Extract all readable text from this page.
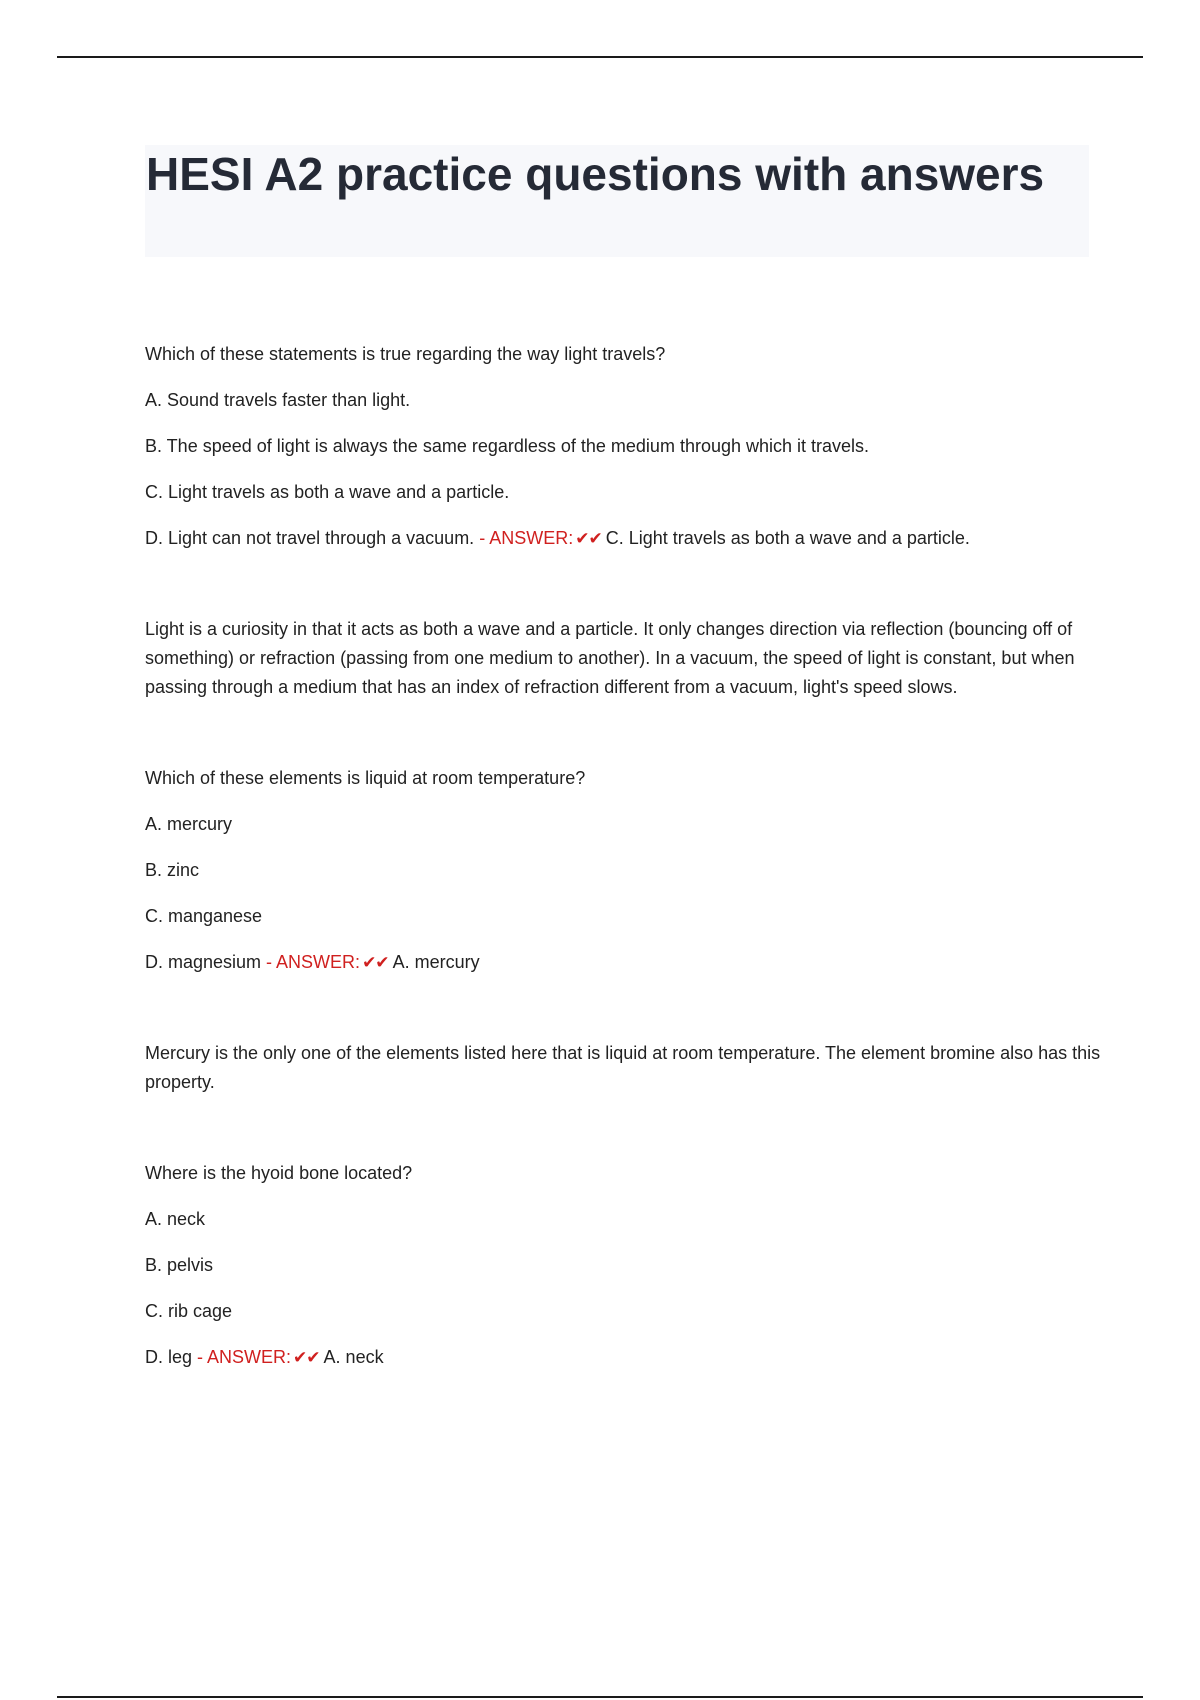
HESI A2 practice questions with answers

Which of these statements is true regarding the way light travels?

A. Sound travels faster than light.

B. The speed of light is always the same regardless of the medium through which it travels.

C. Light travels as both a wave and a particle.

D. Light can not travel through a vacuum. - ANSWER: ✔✔ C. Light travels as both a wave and a particle.

Light is a curiosity in that it acts as both a wave and a particle. It only changes direction via reflection (bouncing off of something) or refraction (passing from one medium to another). In a vacuum, the speed of light is constant, but when passing through a medium that has an index of refraction different from a vacuum, light's speed slows.

Which of these elements is liquid at room temperature?

A. mercury

B. zinc

C. manganese

D. magnesium - ANSWER: ✔✔ A. mercury

Mercury is the only one of the elements listed here that is liquid at room temperature. The element bromine also has this property.

Where is the hyoid bone located?

A. neck

B. pelvis

C. rib cage

D. leg - ANSWER: ✔✔ A. neck
